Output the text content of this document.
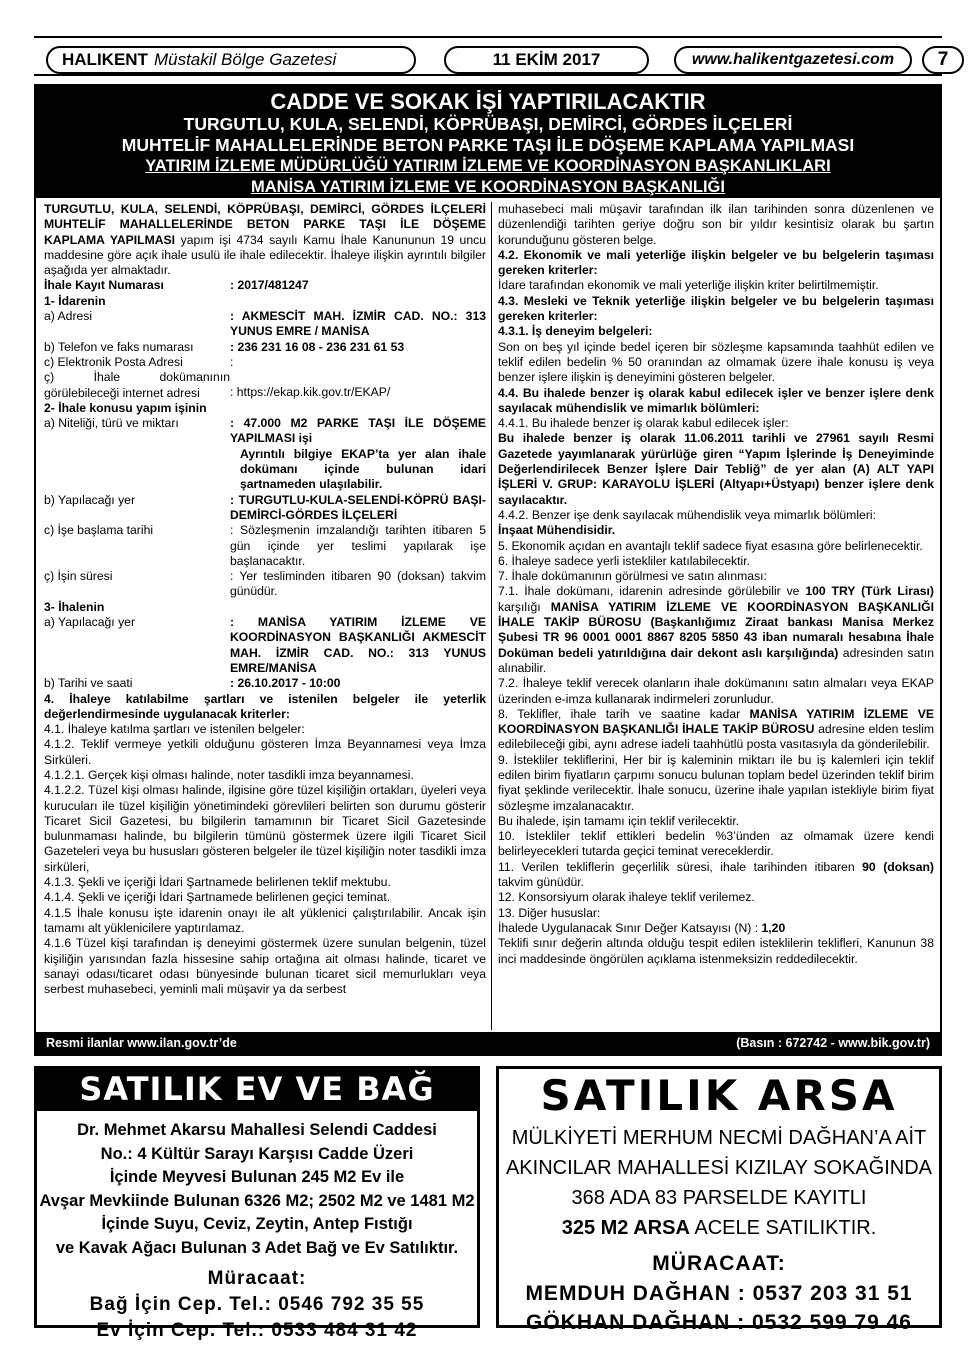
HALIKENT Müstakil Bölge Gazetesi	11 EKİM 2017	www.halikentgazetesi.com	7
CADDE VE SOKAK İŞİ YAPTIRILACAKTIR
TURGUTLU, KULA, SELENDİ, KÖPRÜBAŞI, DEMİRCİ, GÖRDES İLÇELERİ
MUHTELİF MAHALLELERİNDE BETON PARKE TAŞI İLE DÖŞEME KAPLAMA YAPILMASI
YATIRIM İZLEME MÜDÜRLÜĞÜ YATIRIM İZLEME VE KOORDİNASYON BAŞKANLIKLARI
MANİSA YATIRIM İZLEME VE KOORDİNASYON BAŞKANLIĞI

TURGUTLU, KULA, SELENDİ, KÖPRÜBAŞI, DEMİRCİ, GÖRDES İLÇELERİ MUHTELİF MAHALLELERİNDE BETON PARKE TAŞI İLE DÖŞEME KAPLAMA YAPILMASI yapım işi 4734 sayılı Kamu İhale Kanununun 19 uncu maddesine göre açık ihale usulü ile ihale edilecektir. İhaleye ilişkin ayrıntılı bilgiler aşağıda yer almaktadır.

İhale Kayıt Numarası	: 2017/481247

1- İdarenin

a) Adresi	: AKMESCİT MAH. İZMİR CAD. NO.: 313 YUNUS EMRE / MANİSA
b) Telefon ve faks numarası	: 236 231 16 08 - 236 231 61 53
c) Elektronik Posta Adresi	:
ç) İhale dokümanının görülebileceği internet adresi	: https://ekap.kik.gov.tr/EKAP/

2- İhale konusu yapım işinin

a) Niteliği, türü ve miktarı	: 47.000 M2 PARKE TAŞI İLE DÖŞEME YAPILMASI işi

Ayrıntılı bilgiye EKAP’ta yer alan ihale dokümanı içinde bulunan idari şartnameden ulaşılabilir.
b) Yapılacağı yer	: TURGUTLU-KULA-SELENDİ-KÖPRÜ BAŞI-DEMİRCİ-GÖRDES İLÇELERİ
c) İşe başlama tarihi	: Sözleşmenin imzalandığı tarihten itibaren 5 gün içinde yer teslimi yapılarak işe başlanacaktır.
ç) İşin süresi	: Yer tesliminden itibaren 90 (doksan) takvim günüdür.

3- İhalenin

a) Yapılacağı yer	: MANİSA YATIRIM İZLEME VE KOORDİNASYON BAŞKANLIĞI AKMESCİT MAH. İZMİR CAD. NO.: 313 YUNUS EMRE/MANİSA
b) Tarihi ve saati	: 26.10.2017 - 10:00

4. İhaleye katılabilme şartları ve istenilen belgeler ile yeterlik değerlendirmesinde uygulanacak kriterler:

4.1. İhaleye katılma şartları ve istenilen belgeler:

4.1.2. Teklif vermeye yetkili olduğunu gösteren İmza Beyannamesi veya İmza Sirküleri.

4.1.2.1. Gerçek kişi olması halinde, noter tasdikli imza beyannamesi.

4.1.2.2. Tüzel kişi olması halinde, ilgisine göre tüzel kişiliğin ortakları, üyeleri veya kurucuları ile tüzel kişiliğin yönetimindeki görevlileri belirten son durumu gösterir Ticaret Sicil Gazetesi, bu bilgilerin tamamının bir Ticaret Sicil Gazetesinde bulunmaması halinde, bu bilgilerin tümünü göstermek üzere ilgili Ticaret Sicil Gazeteleri veya bu hususları gösteren belgeler ile tüzel kişiliğin noter tasdikli imza sirküleri,

4.1.3. Şekli ve içeriği İdari Şartnamede belirlenen teklif mektubu.

4.1.4. Şekli ve içeriği İdari Şartnamede belirlenen geçici teminat.

4.1.5 İhale konusu işte idarenin onayı ile alt yüklenici çalıştırılabilir. Ancak işin tamamı alt yüklenicilere yaptırılamaz.

4.1.6 Tüzel kişi tarafından iş deneyimi göstermek üzere sunulan belgenin, tüzel kişiliğin yarısından fazla hissesine sahip ortağına ait olması halinde, ticaret ve sanayi odası/ticaret odası bünyesinde bulunan ticaret sicil memurlukları veya serbest muhasebeci, yeminli mali müşavir ya da serbest

muhasebeci mali müşavir tarafından ilk ilan tarihinden sonra düzenlenen ve düzenlendiği tarihten geriye doğru son bir yıldır kesintisiz olarak bu şartın korunduğunu gösteren belge.

4.2. Ekonomik ve mali yeterliğe ilişkin belgeler ve bu belgelerin taşıması gereken kriterler:

İdare tarafından ekonomik ve mali yeterliğe ilişkin kriter belirtilmemiştir.

4.3. Mesleki ve Teknik yeterliğe ilişkin belgeler ve bu belgelerin taşıması gereken kriterler:

4.3.1. İş deneyim belgeleri:

Son on beş yıl içinde bedel içeren bir sözleşme kapsamında taahhüt edilen ve teklif edilen bedelin % 50 oranından az olmamak üzere ihale konusu iş veya benzer işlere ilişkin iş deneyimini gösteren belgeler.

4.4. Bu ihalede benzer iş olarak kabul edilecek işler ve benzer işlere denk sayılacak mühendislik ve mimarlık bölümleri:

4.4.1. Bu ihalede benzer iş olarak kabul edilecek işler:

Bu ihalede benzer iş olarak 11.06.2011 tarihli ve 27961 sayılı Resmi Gazetede yayımlanarak yürürlüğe giren “Yapım İşlerinde İş Deneyiminde Değerlendirilecek Benzer İşlere Dair Tebliğ” de yer alan (A) ALT YAPI İŞLERİ V. GRUP: KARAYOLU İŞLERİ (Altyapı+Üstyapı) benzer işlere denk sayılacaktır.

4.4.2. Benzer işe denk sayılacak mühendislik veya mimarlık bölümleri:

İnşaat Mühendisidir.

5. Ekonomik açıdan en avantajlı teklif sadece fiyat esasına göre belirlenecektir.

6. İhaleye sadece yerli istekliler katılabilecektir.

7. İhale dokümanının görülmesi ve satın alınması:

7.1. İhale dokümanı, idarenin adresinde görülebilir ve 100 TRY (Türk Lirası) karşılığı MANİSA YATIRIM İZLEME VE KOORDİNASYON BAŞKANLIĞI İHALE TAKİP BÜROSU (Başkanlığımız Ziraat bankası Manisa Merkez Şubesi TR 96 0001 0001 8867 8205 5850 43 iban numaralı hesabına İhale Doküman bedeli yatırıldığına dair dekont aslı karşılığında) adresinden satın alınabilir.

7.2. İhaleye teklif verecek olanların ihale dokümanını satın almaları veya EKAP üzerinden e-imza kullanarak indirmeleri zorunludur.

8. Teklifler, ihale tarih ve saatine kadar MANİSA YATIRIM İZLEME VE KOORDİNASYON BAŞKANLIĞI İHALE TAKİP BÜROSU adresine elden teslim edilebileceği gibi, aynı adrese iadeli taahhütlü posta vasıtasıyla da gönderilebilir.

9. İstekliler tekliflerini, Her bir iş kaleminin miktarı ile bu iş kalemleri için teklif edilen birim fiyatların çarpımı sonucu bulunan toplam bedel üzerinden teklif birim fiyat şeklinde verilecektir. İhale sonucu, üzerine ihale yapılan istekliyle birim fiyat sözleşme imzalanacaktır.

Bu ihalede, işin tamamı için teklif verilecektir.

10. İstekliler teklif ettikleri bedelin %3’ünden az olmamak üzere kendi belirleyecekleri tutarda geçici teminat vereceklerdir.

11. Verilen tekliflerin geçerlilik süresi, ihale tarihinden itibaren 90 (doksan) takvim günüdür.

12. Konsorsiyum olarak ihaleye teklif verilemez.

13. Diğer hususlar:

İhalede Uygulanacak Sınır Değer Katsayısı (N) : 1,20

Teklifi sınır değerin altında olduğu tespit edilen isteklilerin teklifleri, Kanunun 38 inci maddesinde öngörülen açıklama istenmeksizin reddedilecektir.

Resmi ilanlar www.ilan.gov.tr’de	(Basın : 672742 - www.bik.gov.tr)
SATILIK EV VE BAĞ
Dr. Mehmet Akarsu Mahallesi Selendi Caddesi
No.: 4 Kültür Sarayı Karşısı Cadde Üzeri
İçinde Meyvesi Bulunan 245 M2 Ev ile
Avşar Mevkiinde Bulunan 6326 M2; 2502 M2 ve 1481 M2
İçinde Suyu, Ceviz, Zeytin, Antep Fıstığı
ve Kavak Ağacı Bulunan 3 Adet Bağ ve Ev Satılıktır.
Müracaat:
Bağ İçin Cep. Tel.: 0546 792 35 55
Ev İçin Cep. Tel.: 0533 484 31 42
SATILIK ARSA
MÜLKİYETİ MERHUM NECMİ DAĞHAN’A AİT
AKINCILAR MAHALLESİ KIZILAY SOKAĞINDA
368 ADA 83 PARSELDE KAYITLI
325 M2 ARSA ACELE SATILIKTIR.
MÜRACAAT:
MEMDUH DAĞHAN : 0537 203 31 51
GÖKHAN DAĞHAN : 0532 599 79 46
